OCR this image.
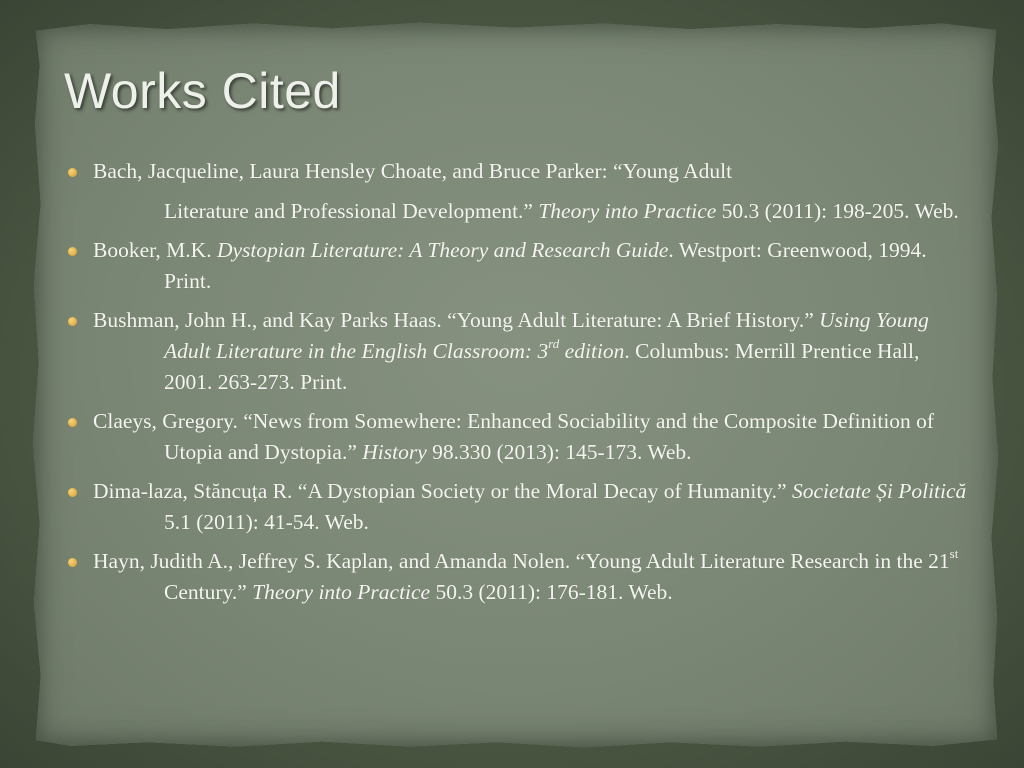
Works Cited
Bach, Jacqueline, Laura Hensley Choate, and Bruce Parker: “Young Adult
Literature and Professional Development.” Theory into Practice 50.3 (2011): 198-205. Web.
Booker, M.K. Dystopian Literature: A Theory and Research Guide. Westport: Greenwood, 1994. Print.
Bushman, John H., and Kay Parks Haas. “Young Adult Literature: A Brief History.” Using Young Adult Literature in the English Classroom: 3rd edition. Columbus: Merrill Prentice Hall, 2001. 263-273. Print.
Claeys, Gregory. “News from Somewhere: Enhanced Sociability and the Composite Definition of Utopia and Dystopia.” History 98.330 (2013): 145-173. Web.
Dima-laza, Stăncuța R. “A Dystopian Society or the Moral Decay of Humanity.” Societate Și Politică 5.1 (2011): 41-54. Web.
Hayn, Judith A., Jeffrey S. Kaplan, and Amanda Nolen. “Young Adult Literature Research in the 21st Century.” Theory into Practice 50.3 (2011): 176-181. Web.
